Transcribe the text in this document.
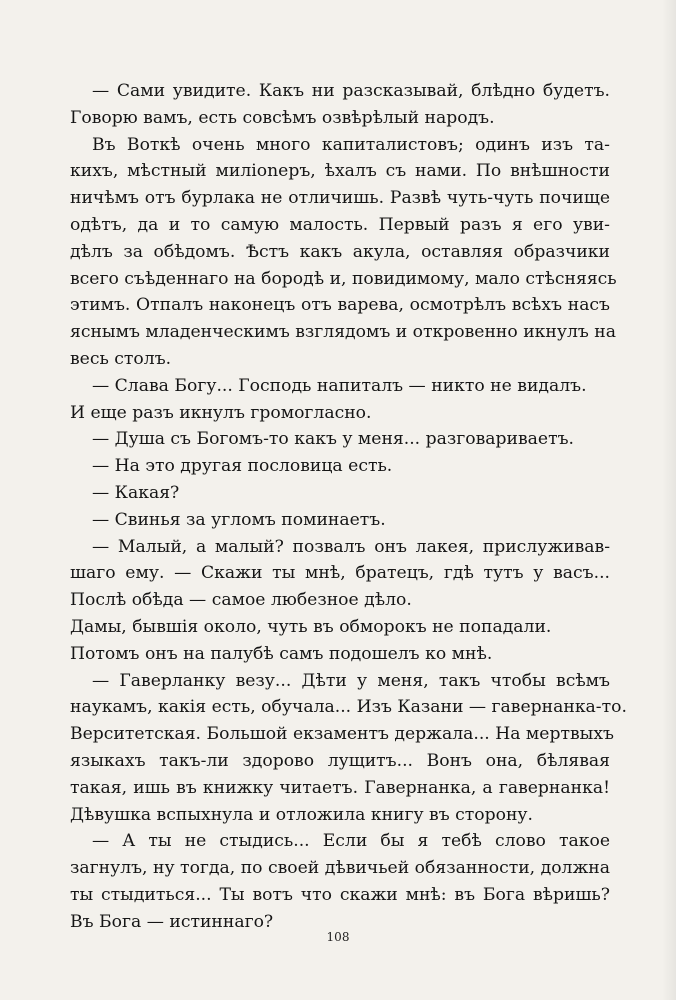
— Сами увидите. Какъ ни разсказывай, блѣдно будетъ.
Говорю вамъ, есть совсѣмъ озвѣрѣлый народъ.
Въ Воткѣ очень много капиталистовъ; одинъ изъ та-
кихъ, мѣстный милionеръ, ѣхалъ съ нами. По внѣшности
ничѣмъ отъ бурлака не отличишь. Развѣ чуть-чуть почище
одѣтъ, да и то самую малость. Первый разъ я его уви-
дѣлъ за обѣдомъ. Ѣстъ какъ акула, оставляя образчики
всего съѣденнаго на бородѣ и, повидимому, мало стѣсняясь
этимъ. Отпалъ наконецъ отъ варева, осмотрѣлъ всѣхъ насъ
яснымъ младенческимъ взглядомъ и откровенно икнулъ на
весь столъ.
— Слава Богу... Господь напиталъ — никто не видалъ.
И еще разъ икнулъ громогласно.
— Душа съ Богомъ-то какъ у меня... разговариваетъ.
— На это другая пословица есть.
— Какая?
— Свинья за угломъ поминаетъ.
— Малый, а малый? позвалъ онъ лакея, прислуживав-
шаго ему. — Скажи ты мнѣ, братецъ, гдѣ тутъ у васъ...
Послѣ обѣда — самое любезное дѣло.
Дамы, бывшія около, чуть въ обморокъ не попадали.
Потомъ онъ на палубѣ самъ подошелъ ко мнѣ.
— Гаверланку везу... Дѣти у меня, такъ чтобы всѣмъ
наукамъ, какія есть, обучала... Изъ Казани — гавернанка-то.
Верситетская. Большой екзаментъ держала... На мертвыхъ
языкахъ такъ-ли здорово лущитъ... Вонъ она, бѣлявая
такая, ишь въ книжку читаетъ. Гавернанка, а гавернанка!
Дѣвушка вспыхнула и отложила книгу въ сторону.
— А ты не стыдись... Если бы я тебѣ слово такое
загнулъ, ну тогда, по своей дѣвичьей обязанности, должна
ты стыдиться... Ты вотъ что скажи мнѣ: въ Бога вѣришь?
Въ Бога — истиннаго?
108
